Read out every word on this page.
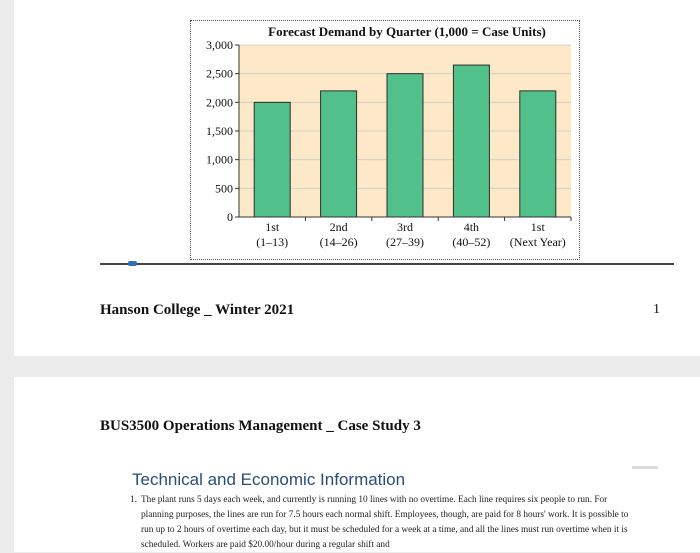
Forecast Demand by Quarter (1,000 = Case Units)
0
500
1,000
1,500
2,000
2,500
3,000
1st
(1–13)
2nd
(14–26)
3rd
(27–39)
4th
(40–52)
1st
(Next Year)
Hanson College _ Winter 2021	1
BUS3500 Operations Management _ Case Study 3
Technical and Economic Information
1. The plant runs 5 days each week, and currently is running 10 lines with no overtime. Each line requires six people to run. For planning purposes, the lines are run for 7.5 hours each normal shift. Employees, though, are paid for 8 hours' work. It is possible to run up to 2 hours of overtime each day, but it must be scheduled for a week at a time, and all the lines must run overtime when it is scheduled. Workers are paid $20.00/hour during a regular shift and
